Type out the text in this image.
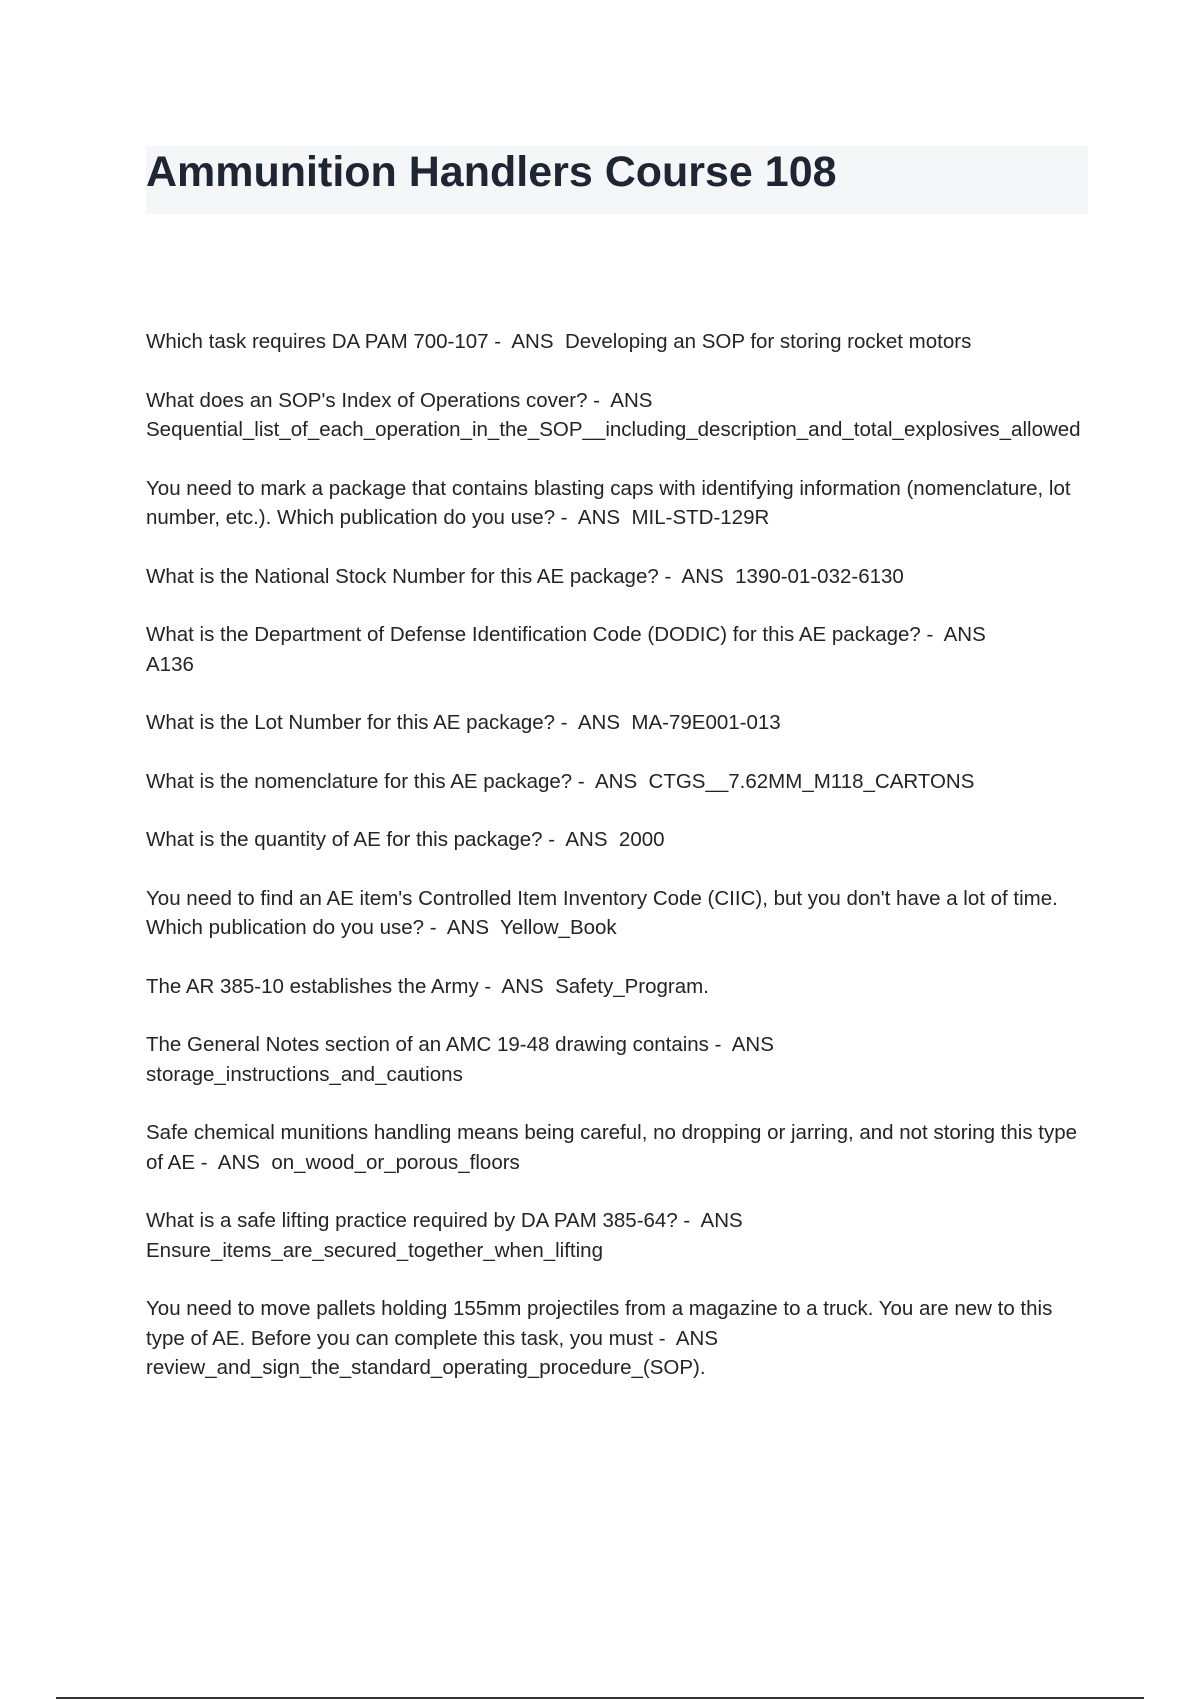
Ammunition Handlers Course 108

Which task requires DA PAM 700-107 - ANS Developing an SOP for storing rocket motors

What does an SOP's Index of Operations cover? - ANS
Sequential_list_of_each_operation_in_the_SOP__including_description_and_total_explosives_allowed

You need to mark a package that contains blasting caps with identifying information (nomenclature, lot number, etc.). Which publication do you use? - ANS MIL-STD-129R

What is the National Stock Number for this AE package? - ANS 1390-01-032-6130

What is the Department of Defense Identification Code (DODIC) for this AE package? - ANS
A136

What is the Lot Number for this AE package? - ANS MA-79E001-013

What is the nomenclature for this AE package? - ANS CTGS__7.62MM_M118_CARTONS

What is the quantity of AE for this package? - ANS 2000

You need to find an AE item's Controlled Item Inventory Code (CIIC), but you don't have a lot of time. Which publication do you use? - ANS Yellow_Book

The AR 385-10 establishes the Army - ANS Safety_Program.

The General Notes section of an AMC 19-48 drawing contains - ANS
storage_instructions_and_cautions

Safe chemical munitions handling means being careful, no dropping or jarring, and not storing this type of AE - ANS on_wood_or_porous_floors

What is a safe lifting practice required by DA PAM 385-64? - ANS
Ensure_items_are_secured_together_when_lifting

You need to move pallets holding 155mm projectiles from a magazine to a truck. You are new to this type of AE. Before you can complete this task, you must - ANS
review_and_sign_the_standard_operating_procedure_(SOP).
